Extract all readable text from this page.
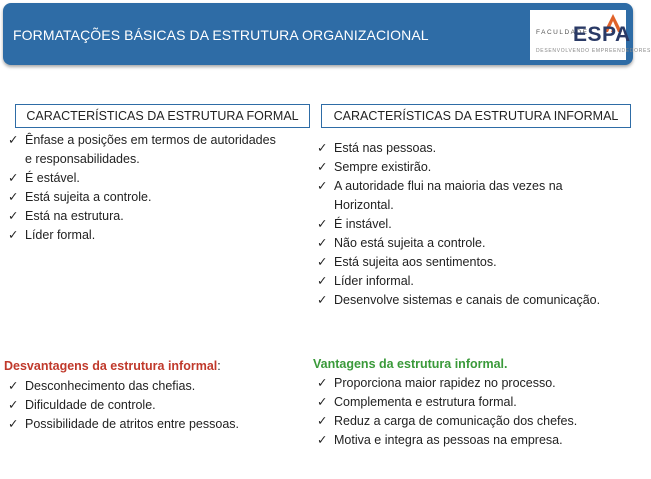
FORMATAÇÕES BÁSICAS DA ESTRUTURA ORGANIZACIONAL	FACULDADE
ESPA
DESENVOLVENDO EMPREENDEDORES
CARACTERÍSTICAS DA ESTRUTURA FORMAL	CARACTERÍSTICAS DA ESTRUTURA INFORMAL
✓ Ênfase a posições em termos de autoridades e responsabilidades.
✓ É estável.
✓ Está sujeita a controle.
✓ Está na estrutura.
✓ Líder formal.
✓ Está nas pessoas.
✓ Sempre existirão.
✓ A autoridade flui na maioria das vezes na Horizontal.
✓ É instável.
✓ Não está sujeita a controle.
✓ Está sujeita aos sentimentos.
✓ Líder informal.
✓ Desenvolve sistemas e canais de comunicação.
Desvantagens da estrutura informal:
✓ Desconhecimento das chefias.
✓ Dificuldade de controle.
✓ Possibilidade de atritos entre pessoas.
Vantagens da estrutura informal.
✓ Proporciona maior rapidez no processo.
✓ Complementa e estrutura formal.
✓ Reduz a carga de comunicação dos chefes.
✓ Motiva e integra as pessoas na empresa.
